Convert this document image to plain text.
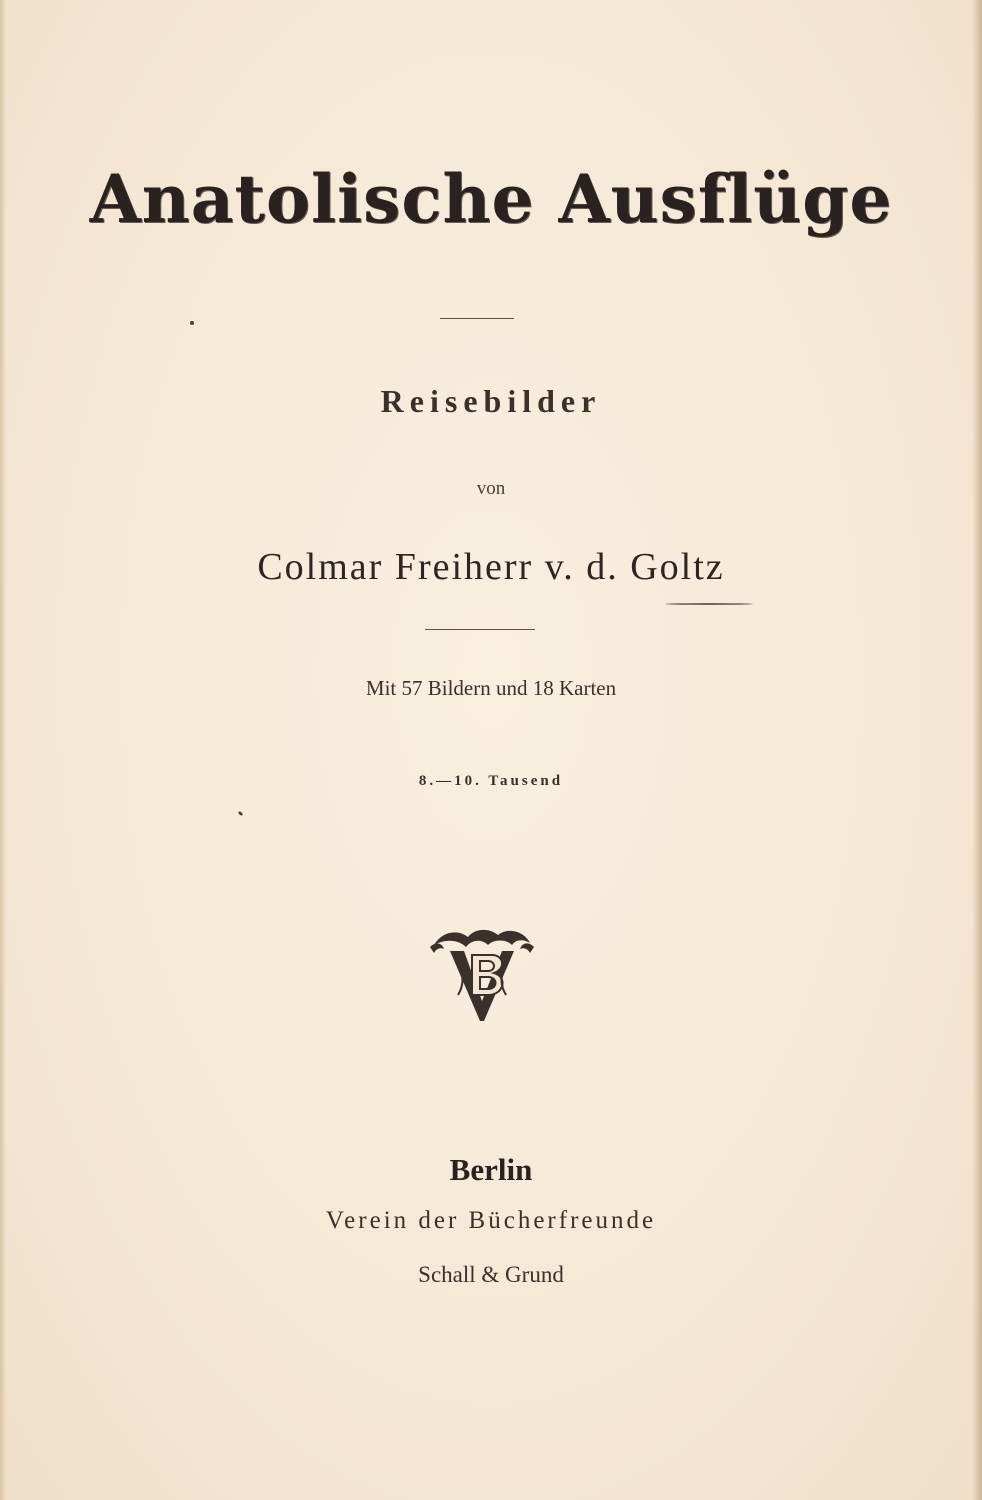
Anatolische Ausflüge
Reisebilder
von
Colmar Freiherr v. d. Goltz
Mit 57 Bildern und 18 Karten
8.—10. Tausend
Berlin
Verein der Bücherfreunde
Schall & Grund
